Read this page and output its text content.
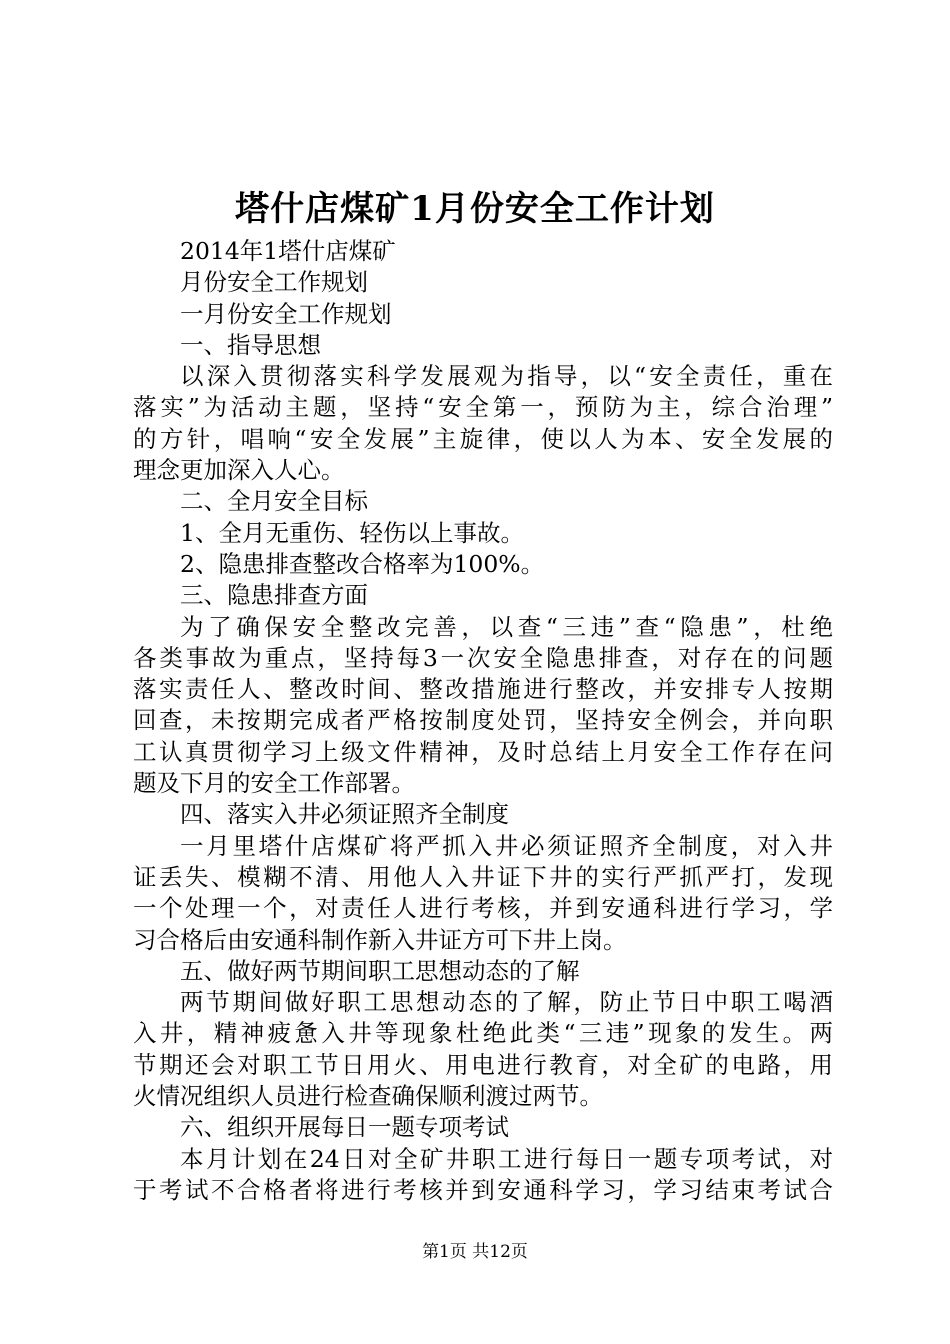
塔什店煤矿1月份安全工作计划
2014年1塔什店煤矿
月份安全工作规划
一月份安全工作规划
一、指导思想
以深入贯彻落实科学发展观为指导，以“安全责任，重在
落实”为活动主题，坚持“安全第一，预防为主，综合治理”
的方针，唱响“安全发展”主旋律，使以人为本、安全发展的
理念更加深入人心。
二、全月安全目标
1、全月无重伤、轻伤以上事故。
2、隐患排查整改合格率为100%。
三、隐患排查方面
为了确保安全整改完善，以查“三违”查“隐患”，杜绝
各类事故为重点，坚持每3一次安全隐患排查，对存在的问题
落实责任人、整改时间、整改措施进行整改，并安排专人按期
回查，未按期完成者严格按制度处罚，坚持安全例会，并向职
工认真贯彻学习上级文件精神，及时总结上月安全工作存在问
题及下月的安全工作部署。
四、落实入井必须证照齐全制度
一月里塔什店煤矿将严抓入井必须证照齐全制度，对入井
证丢失、模糊不清、用他人入井证下井的实行严抓严打，发现
一个处理一个，对责任人进行考核，并到安通科进行学习，学
习合格后由安通科制作新入井证方可下井上岗。
五、做好两节期间职工思想动态的了解
两节期间做好职工思想动态的了解，防止节日中职工喝酒
入井，精神疲惫入井等现象杜绝此类“三违”现象的发生。两
节期还会对职工节日用火、用电进行教育，对全矿的电路，用
火情况组织人员进行检查确保顺利渡过两节。
六、组织开展每日一题专项考试
本月计划在24日对全矿井职工进行每日一题专项考试，对
于考试不合格者将进行考核并到安通科学习，学习结束考试合
第1页 共12页
